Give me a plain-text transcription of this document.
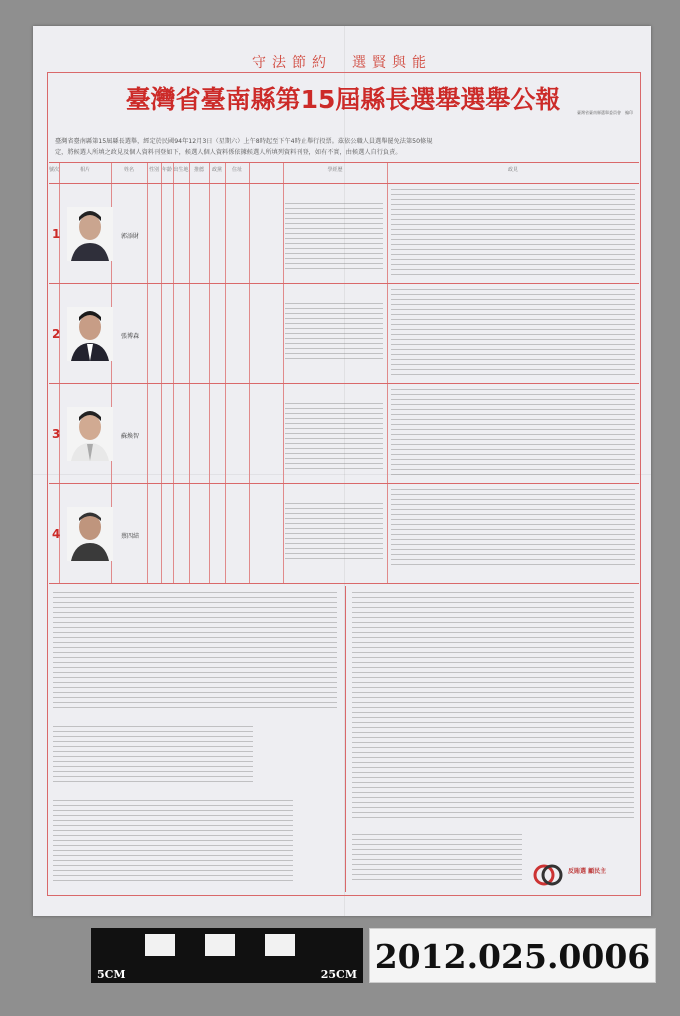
守法節約　選賢與能
臺灣省臺南縣第15屆縣長選舉選舉公報	臺灣省臺南縣選舉委員會　編印
臺灣省臺南縣第15屆縣長選舉，經定於民國94年12月3日（星期六）上午8時起至下午4時止舉行投票。茲依公職人員選舉罷免法第50條規
定，將候選人所填之政見及個人資料刊登如下，候選人個人資料係依據候選人所填列資料刊登，如有不實，由候選人自行負責。
號次	相片	姓名	性別 年齡 出生地	推薦	政黨	住址	學經歷	政見
1	郭添財
2	張博森
3	蘇煥智
4	蔡四結
反賄選 顧民主
5CM	25CM 2012.025.0006
